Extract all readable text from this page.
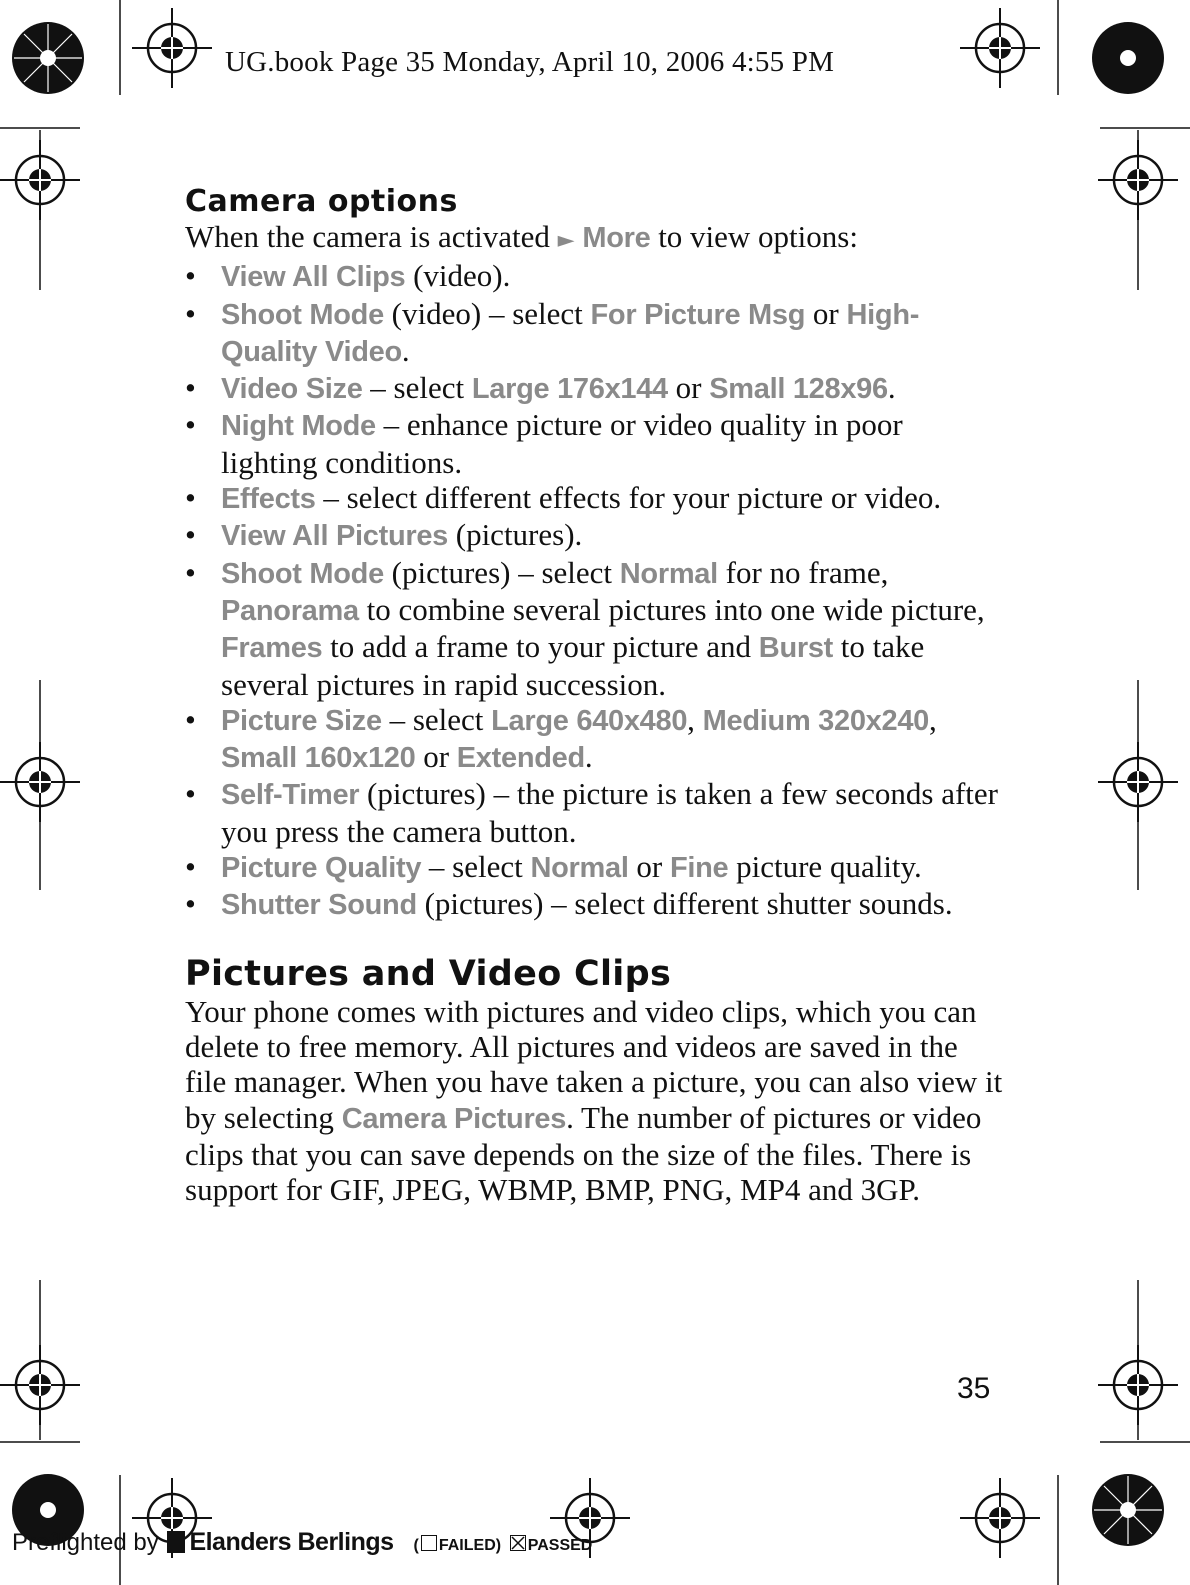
UG.book Page 35 Monday, April 10, 2006 4:55 PM
Camera options

When the camera is activated ► More to view options:

• View All Clips (video).
• Shoot Mode (video) – select For Picture Msg or High-Quality Video.
• Video Size – select Large 176x144 or Small 128x96.
• Night Mode – enhance picture or video quality in poor lighting conditions.
• Effects – select different effects for your picture or video.
• View All Pictures (pictures).
• Shoot Mode (pictures) – select Normal for no frame, Panorama to combine several pictures into one wide picture, Frames to add a frame to your picture and Burst to take several pictures in rapid succession.
• Picture Size – select Large 640x480, Medium 320x240, Small 160x120 or Extended.
• Self-Timer (pictures) – the picture is taken a few seconds after you press the camera button.
• Picture Quality – select Normal or Fine picture quality.
• Shutter Sound (pictures) – select different shutter sounds.
Pictures and Video Clips

Your phone comes with pictures and video clips, which you can delete to free memory. All pictures and videos are saved in the file manager. When you have taken a picture, you can also view it by selecting Camera Pictures. The number of pictures or video clips that you can save depends on the size of the files. There is support for GIF, JPEG, WBMP, BMP, PNG, MP4 and 3GP.

35
Preflighted by Elanders Berlings ( FAILED) PASSED
